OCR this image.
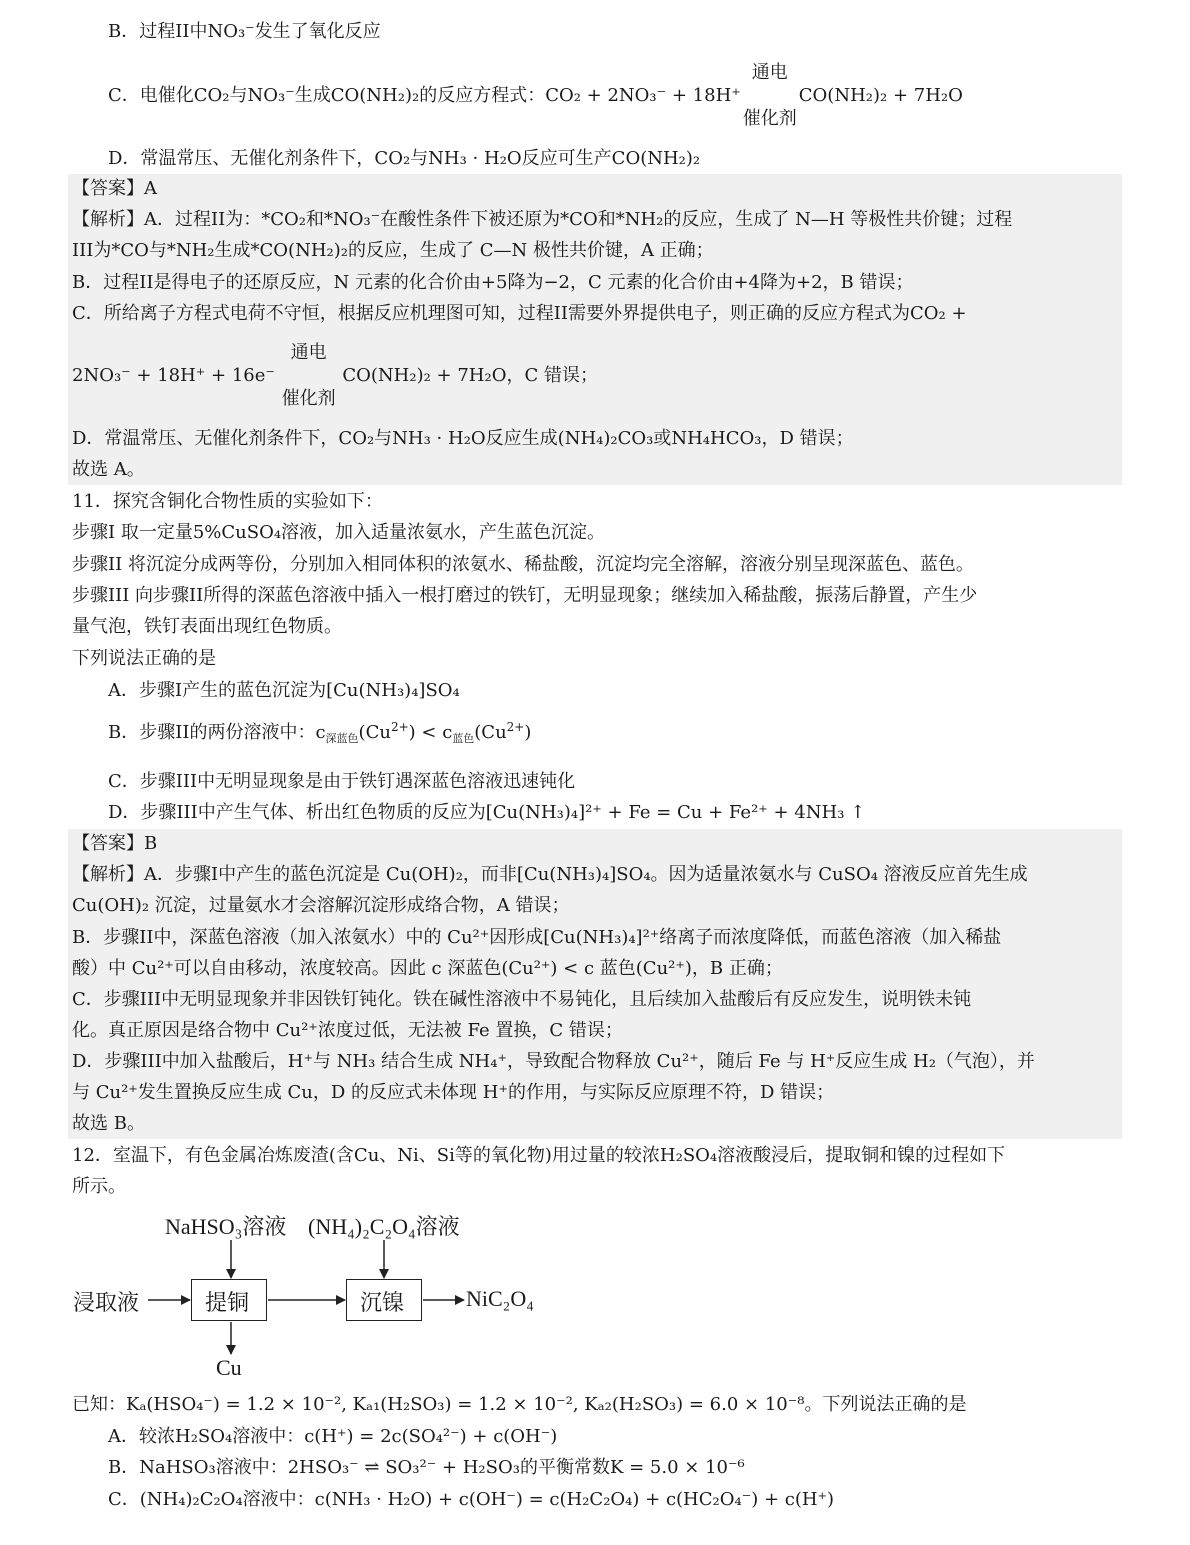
B．过程II中NO₃⁻发生了氧化反应
C．电催化CO₂与NO₃⁻生成CO(NH₂)₂的反应方程式：CO₂ + 2NO₃⁻ + 18H⁺
通电
催化剂
CO(NH₂)₂ + 7H₂O
D．常温常压、无催化剂条件下，CO₂与NH₃ · H₂O反应可生产CO(NH₂)₂
【答案】A
【解析】A．过程II为：*CO₂和*NO₃⁻在酸性条件下被还原为*CO和*NH₂的反应，生成了 N—H 等极性共价键；过程
III为*CO与*NH₂生成*CO(NH₂)₂的反应，生成了 C—N 极性共价键，A 正确；
B．过程II是得电子的还原反应，N 元素的化合价由+5降为−2，C 元素的化合价由+4降为+2，B 错误；
C．所给离子方程式电荷不守恒，根据反应机理图可知，过程II需要外界提供电子，则正确的反应方程式为CO₂ +
2NO₃⁻ + 18H⁺ + 16e⁻
通电
催化剂
CO(NH₂)₂ + 7H₂O，C 错误；
D．常温常压、无催化剂条件下，CO₂与NH₃ · H₂O反应生成(NH₄)₂CO₃或NH₄HCO₃，D 错误；
故选 A。
11．探究含铜化合物性质的实验如下：
步骤I 取一定量5%CuSO₄溶液，加入适量浓氨水，产生蓝色沉淀。
步骤II 将沉淀分成两等份，分别加入相同体积的浓氨水、稀盐酸，沉淀均完全溶解，溶液分别呈现深蓝色、蓝色。
步骤III 向步骤II所得的深蓝色溶液中插入一根打磨过的铁钉，无明显现象；继续加入稀盐酸，振荡后静置，产生少
量气泡，铁钉表面出现红色物质。
下列说法正确的是
A．步骤I产生的蓝色沉淀为[Cu(NH₃)₄]SO₄
B．步骤II的两份溶液中：$c_{深蓝色}(Cu^{2+}) < c_{蓝色}(Cu^{2+})$
C．步骤III中无明显现象是由于铁钉遇深蓝色溶液迅速钝化
D．步骤III中产生气体、析出红色物质的反应为[Cu(NH₃)₄]²⁺ + Fe = Cu + Fe²⁺ + 4NH₃ ↑
【答案】B
【解析】A．步骤I中产生的蓝色沉淀是 Cu(OH)₂，而非[Cu(NH₃)₄]SO₄。因为适量浓氨水与 CuSO₄ 溶液反应首先生成
Cu(OH)₂ 沉淀，过量氨水才会溶解沉淀形成络合物，A 错误；
B．步骤II中，深蓝色溶液（加入浓氨水）中的 Cu²⁺因形成[Cu(NH₃)₄]²⁺络离子而浓度降低，而蓝色溶液（加入稀盐
酸）中 Cu²⁺可以自由移动，浓度较高。因此 c 深蓝色(Cu²⁺) < c 蓝色(Cu²⁺)，B 正确；
C．步骤III中无明显现象并非因铁钉钝化。铁在碱性溶液中不易钝化，且后续加入盐酸后有反应发生，说明铁未钝
化。真正原因是络合物中 Cu²⁺浓度过低，无法被 Fe 置换，C 错误；
D．步骤III中加入盐酸后，H⁺与 NH₃ 结合生成 NH₄⁺，导致配合物释放 Cu²⁺，随后 Fe 与 H⁺反应生成 H₂（气泡），并
与 Cu²⁺发生置换反应生成 Cu，D 的反应式未体现 H⁺的作用，与实际反应原理不符，D 错误；
故选 B。
12．室温下，有色金属冶炼废渣(含Cu、Ni、Si等的氧化物)用过量的较浓H₂SO₄溶液酸浸后，提取铜和镍的过程如下
所示。
NaHSO₃溶液 (NH₄)₂C₂O₄溶液
浸取液	提铜	沉镍	NiC₂O₄
Cu
已知：Kₐ(HSO₄⁻) = 1.2 × 10⁻², Kₐ₁(H₂SO₃) = 1.2 × 10⁻², Kₐ₂(H₂SO₃) = 6.0 × 10⁻⁸。下列说法正确的是
A．较浓H₂SO₄溶液中：c(H⁺) = 2c(SO₄²⁻) + c(OH⁻)
B．NaHSO₃溶液中：2HSO₃⁻ ⇌ SO₃²⁻ + H₂SO₃的平衡常数K = 5.0 × 10⁻⁶
C．(NH₄)₂C₂O₄溶液中：c(NH₃ · H₂O) + c(OH⁻) = c(H₂C₂O₄) + c(HC₂O₄⁻) + c(H⁺)
